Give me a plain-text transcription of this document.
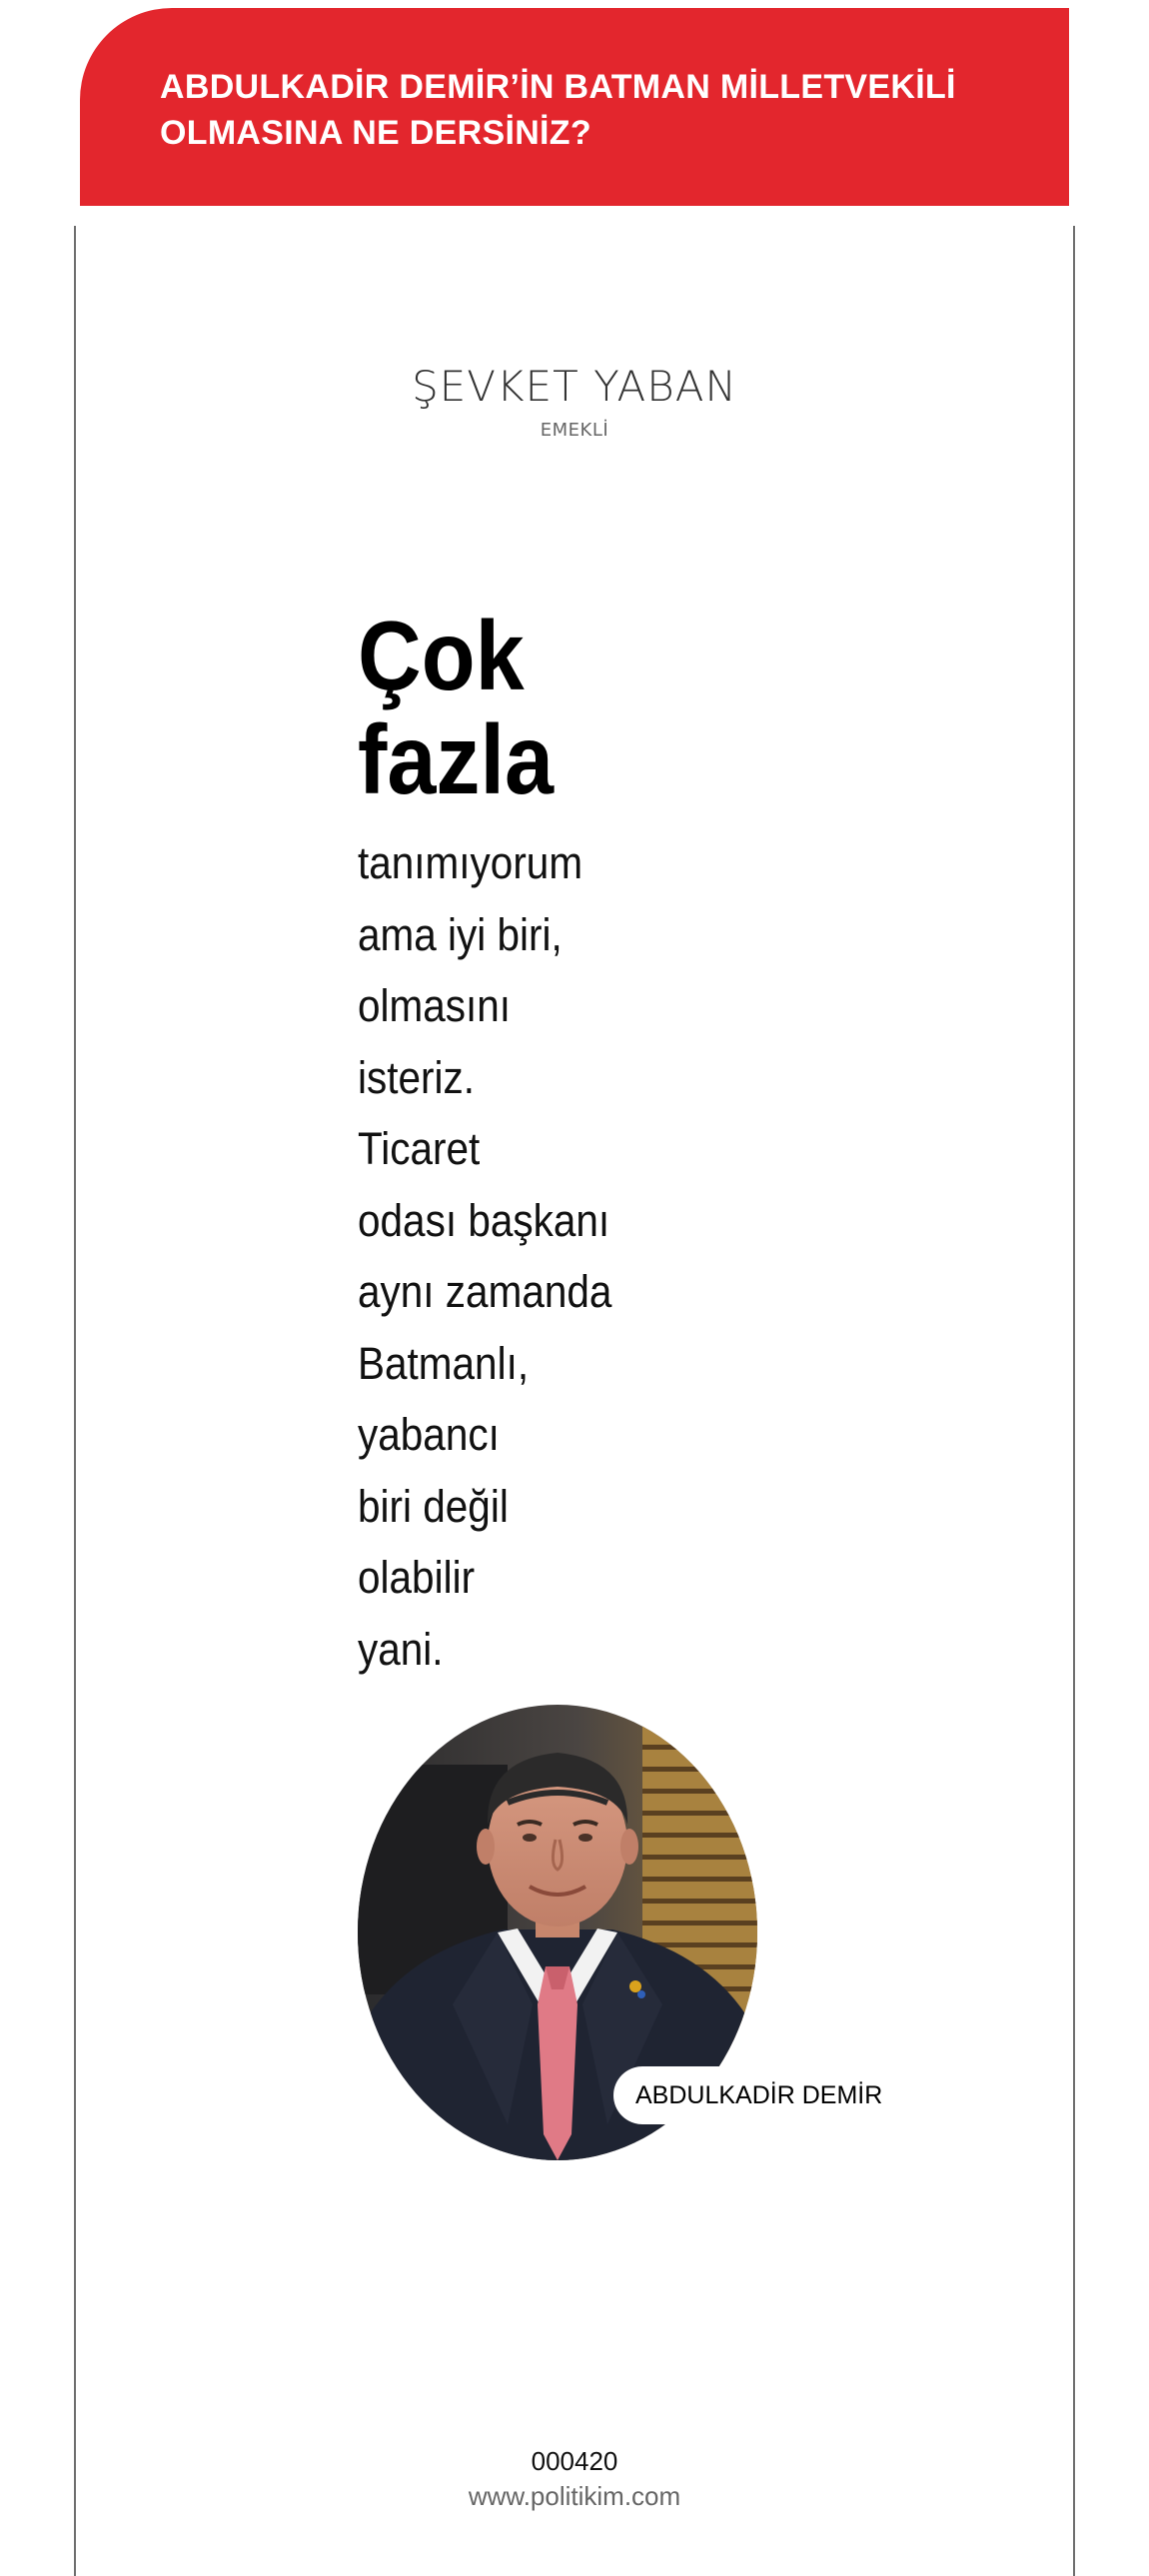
ABDULKADİR DEMİR’İN BATMAN MİLLETVEKİLİ
OLMASINA NE DERSİNİZ?
ŞEVKET YABAN
EMEKLİ
Çok
fazla

tanımıyorum
ama iyi biri,
olmasını
isteriz.
Ticaret
odası başkanı
aynı zamanda
Batmanlı,
yabancı
biri değil
olabilir
yani.

ABDULKADİR DEMİR
000420
www.politikim.com
